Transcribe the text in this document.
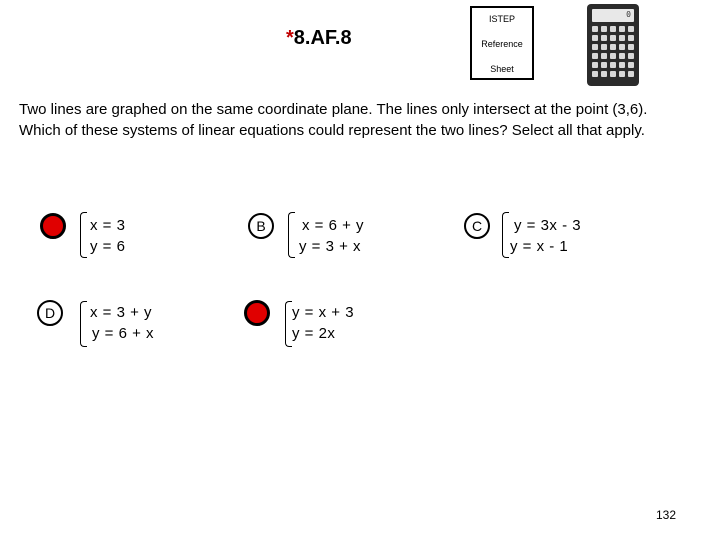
*8.AF.8
ISTEP
Reference
Sheet
0
Two lines are graphed on the same coordinate plane. The lines only intersect at the point (3,6). Which of these systems of linear equations could represent the two lines? Select all that apply.
x = 3
y = 6
B	x = 6 + y
y = 3 + x
C	y = 3x - 3
y = x - 1
D	x = 3 + y
y = 6 + x
y = x + 3
y = 2x
132
